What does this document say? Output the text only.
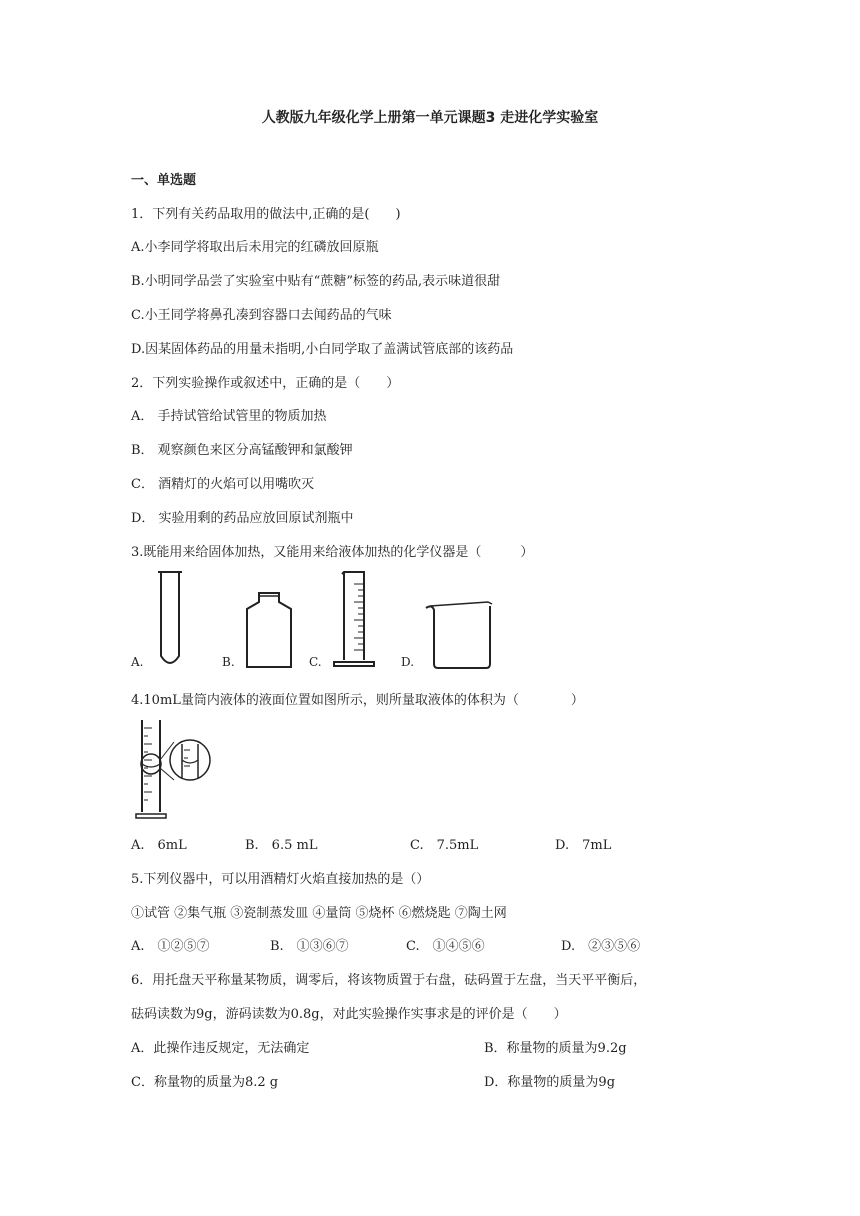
人教版九年级化学上册第一单元课题3 走进化学实验室
一、单选题
1．下列有关药品取用的做法中,正确的是(　　)
A.小李同学将取出后未用完的红磷放回原瓶
B.小明同学品尝了实验室中贴有“蔗糖”标签的药品,表示味道很甜
C.小王同学将鼻孔凑到容器口去闻药品的气味
D.因某固体药品的用量未指明,小白同学取了盖满试管底部的该药品
2．下列实验操作或叙述中，正确的是（　　）
A． 手持试管给试管里的物质加热
B． 观察颜色来区分高锰酸钾和氯酸钾
C． 酒精灯的火焰可以用嘴吹灭
D． 实验用剩的药品应放回原试剂瓶中
3.既能用来给固体加热，又能用来给液体加热的化学仪器是（　　　）
A.	B.	C.	D.
4.10mL量筒内液体的液面位置如图所示，则所量取液体的体积为（　　　　）
A.　6mL	B.　6.5 mL	C.　7.5mL	D.　7mL
5.下列仪器中，可以用酒精灯火焰直接加热的是（）
①试管 ②集气瓶 ③瓷制蒸发皿 ④量筒 ⑤烧杯 ⑥燃烧匙 ⑦陶土网
A.　①②⑤⑦	B.　①③⑥⑦	C.　①④⑤⑥	D.　②③⑤⑥
6．用托盘天平称量某物质，调零后，将该物质置于右盘，砝码置于左盘，当天平平衡后，
砝码读数为9g，游码读数为0.8g，对此实验操作实事求是的评价是（　　）
A．此操作违反规定，无法确定	B．称量物的质量为9.2g
C．称量物的质量为8.2 g	D．称量物的质量为9g
